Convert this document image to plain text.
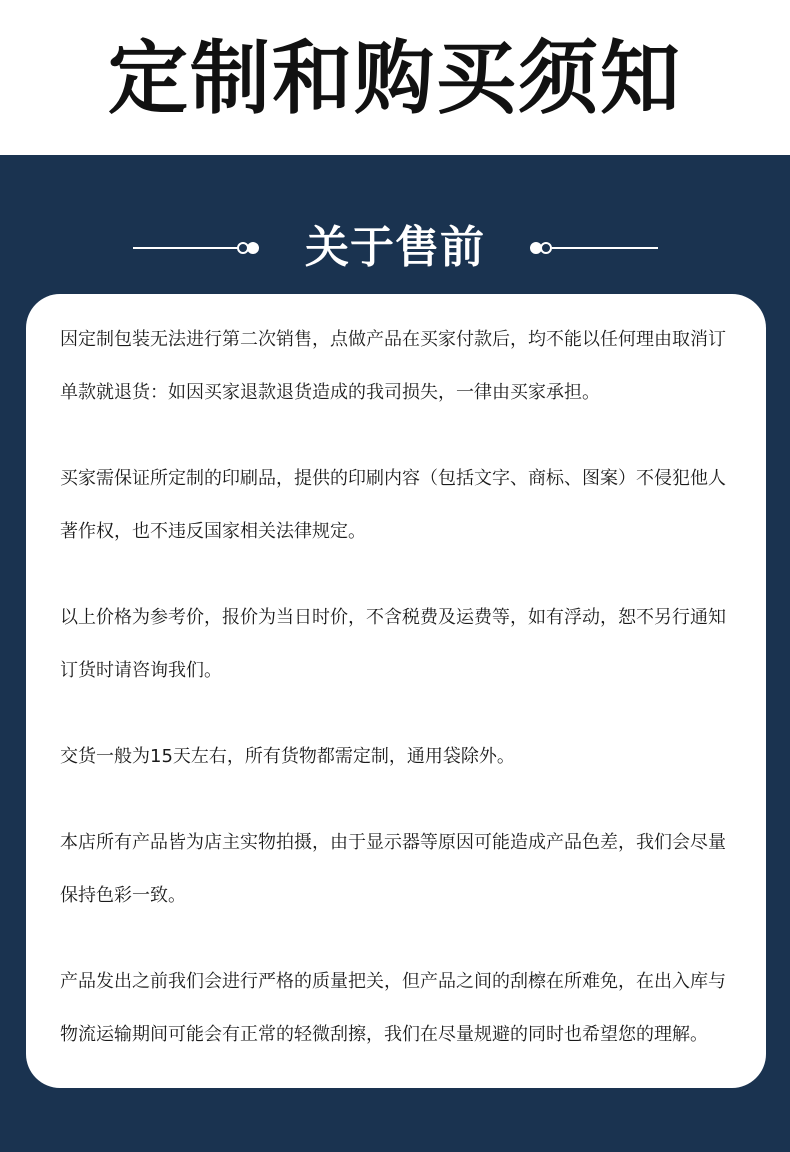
定制和购买须知
关于售前

因定制包装无法进行第二次销售，点做产品在买家付款后，均不能以任何理由取消订单款就退货：如因买家退款退货造成的我司损失，一律由买家承担。

买家需保证所定制的印刷品，提供的印刷内容（包括文字、商标、图案）不侵犯他人著作权，也不违反国家相关法律规定。

以上价格为参考价，报价为当日时价，不含税费及运费等，如有浮动，恕不另行通知订货时请咨询我们。

交货一般为15天左右，所有货物都需定制，通用袋除外。

本店所有产品皆为店主实物拍摄，由于显示器等原因可能造成产品色差，我们会尽量保持色彩一致。

产品发出之前我们会进行严格的质量把关，但产品之间的刮檫在所难免，在出入库与物流运输期间可能会有正常的轻微刮擦，我们在尽量规避的同时也希望您的理解。
